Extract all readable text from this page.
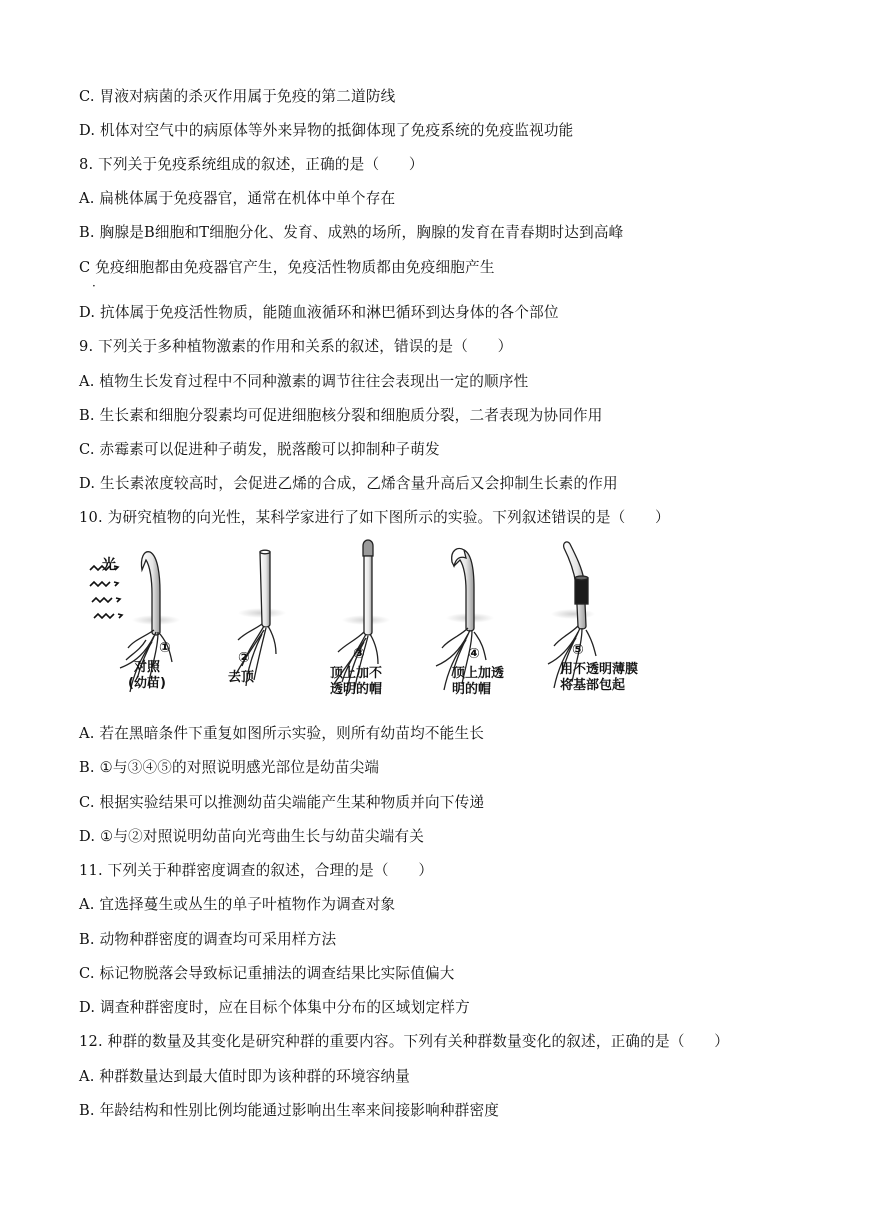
C. 胃液对病菌的杀灭作用属于免疫的第二道防线
D. 机体对空气中的病原体等外来异物的抵御体现了免疫系统的免疫监视功能
8. 下列关于免疫系统组成的叙述，正确的是（　　）
A. 扁桃体属于免疫器官，通常在机体中单个存在
B. 胸腺是B细胞和T细胞分化、发育、成熟的场所，胸腺的发育在青春期时达到高峰
C 免疫细胞都由免疫器官产生，免疫活性物质都由免疫细胞产生
·
D. 抗体属于免疫活性物质，能随血液循环和淋巴循环到达身体的各个部位
9. 下列关于多种植物激素的作用和关系的叙述，错误的是（　　）
A. 植物生长发育过程中不同种激素的调节往往会表现出一定的顺序性
B. 生长素和细胞分裂素均可促进细胞核分裂和细胞质分裂，二者表现为协同作用
C. 赤霉素可以促进种子萌发，脱落酸可以抑制种子萌发
D. 生长素浓度较高时，会促进乙烯的合成，乙烯含量升高后又会抑制生长素的作用
10. 为研究植物的向光性，某科学家进行了如下图所示的实验。下列叙述错误的是（　　）
光
①
对照
(幼苗)
②
去顶
③
顶上加不
透明的帽
④
顶上加透
明的帽
⑤
用不透明薄膜
将基部包起
A. 若在黑暗条件下重复如图所示实验，则所有幼苗均不能生长
B. ①与③④⑤的对照说明感光部位是幼苗尖端
C. 根据实验结果可以推测幼苗尖端能产生某种物质并向下传递
D. ①与②对照说明幼苗向光弯曲生长与幼苗尖端有关
11. 下列关于种群密度调查的叙述，合理的是（　　）
A. 宜选择蔓生或丛生的单子叶植物作为调查对象
B. 动物种群密度的调查均可采用样方法
C. 标记物脱落会导致标记重捕法的调查结果比实际值偏大
D. 调查种群密度时，应在目标个体集中分布的区域划定样方
12. 种群的数量及其变化是研究种群的重要内容。下列有关种群数量变化的叙述，正确的是（　　）
A. 种群数量达到最大值时即为该种群的环境容纳量
B. 年龄结构和性别比例均能通过影响出生率来间接影响种群密度
